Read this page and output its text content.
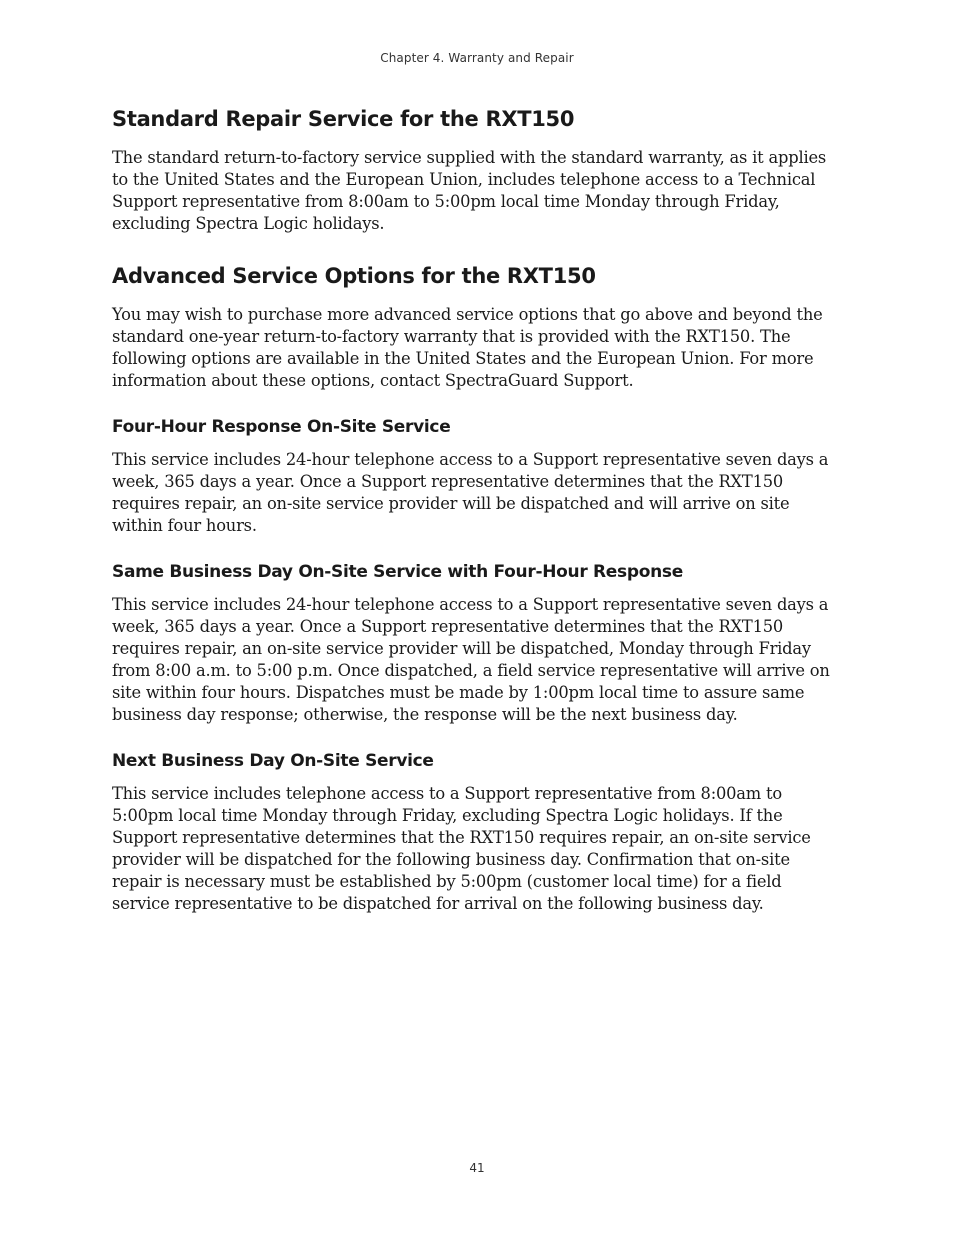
Chapter 4. Warranty and Repair
Standard Repair Service for the RXT150

The standard return-to-factory service supplied with the standard warranty, as it applies to the United States and the European Union, includes telephone access to a Technical Support representative from 8:00am to 5:00pm local time Monday through Friday, excluding Spectra Logic holidays.

Advanced Service Options for the RXT150

You may wish to purchase more advanced service options that go above and beyond the standard one-year return-to-factory warranty that is provided with the RXT150. The following options are available in the United States and the European Union. For more information about these options, contact SpectraGuard Support.

Four-Hour Response On-Site Service

This service includes 24-hour telephone access to a Support representative seven days a week, 365 days a year. Once a Support representative determines that the RXT150 requires repair, an on-site service provider will be dispatched and will arrive on site within four hours.

Same Business Day On-Site Service with Four-Hour Response

This service includes 24-hour telephone access to a Support representative seven days a week, 365 days a year. Once a Support representative determines that the RXT150 requires repair, an on-site service provider will be dispatched, Monday through Friday from 8:00 a.m. to 5:00 p.m. Once dispatched, a field service representative will arrive on site within four hours. Dispatches must be made by 1:00pm local time to assure same business day response; otherwise, the response will be the next business day.

Next Business Day On-Site Service

This service includes telephone access to a Support representative from 8:00am to 5:00pm local time Monday through Friday, excluding Spectra Logic holidays. If the Support representative determines that the RXT150 requires repair, an on-site service provider will be dispatched for the following business day. Confirmation that on-site repair is necessary must be established by 5:00pm (customer local time) for a field service representative to be dispatched for arrival on the following business day.

41
